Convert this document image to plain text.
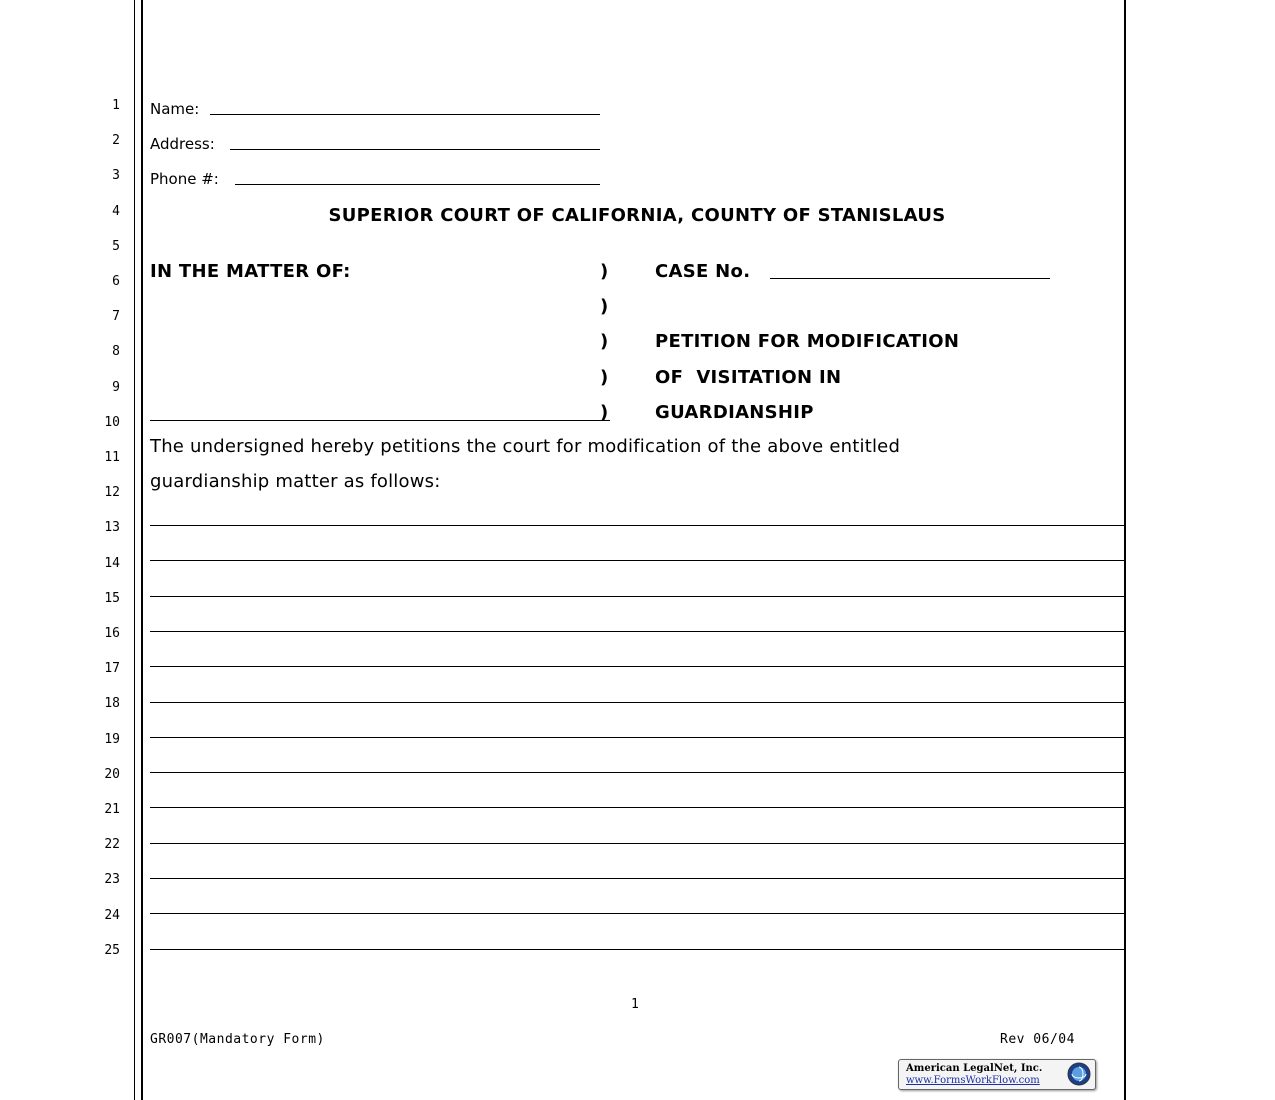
1
2
3
4
5
6
7
8
9
10
11
12
13
14
15
16
17
18
19
20
21
22
23
24
25
Name:
Address:
Phone #:
SUPERIOR COURT OF CALIFORNIA, COUNTY OF STANISLAUS
IN THE MATTER OF:	)
)
)
)
)
CASE No.
PETITION FOR MODIFICATION
OF  VISITATION IN
GUARDIANSHIP
The undersigned hereby petitions the court for modification of the above entitled
guardianship matter as follows:
1
GR007(Mandatory Form)	Rev 06/04
American LegalNet, Inc.
www.FormsWorkFlow.com
